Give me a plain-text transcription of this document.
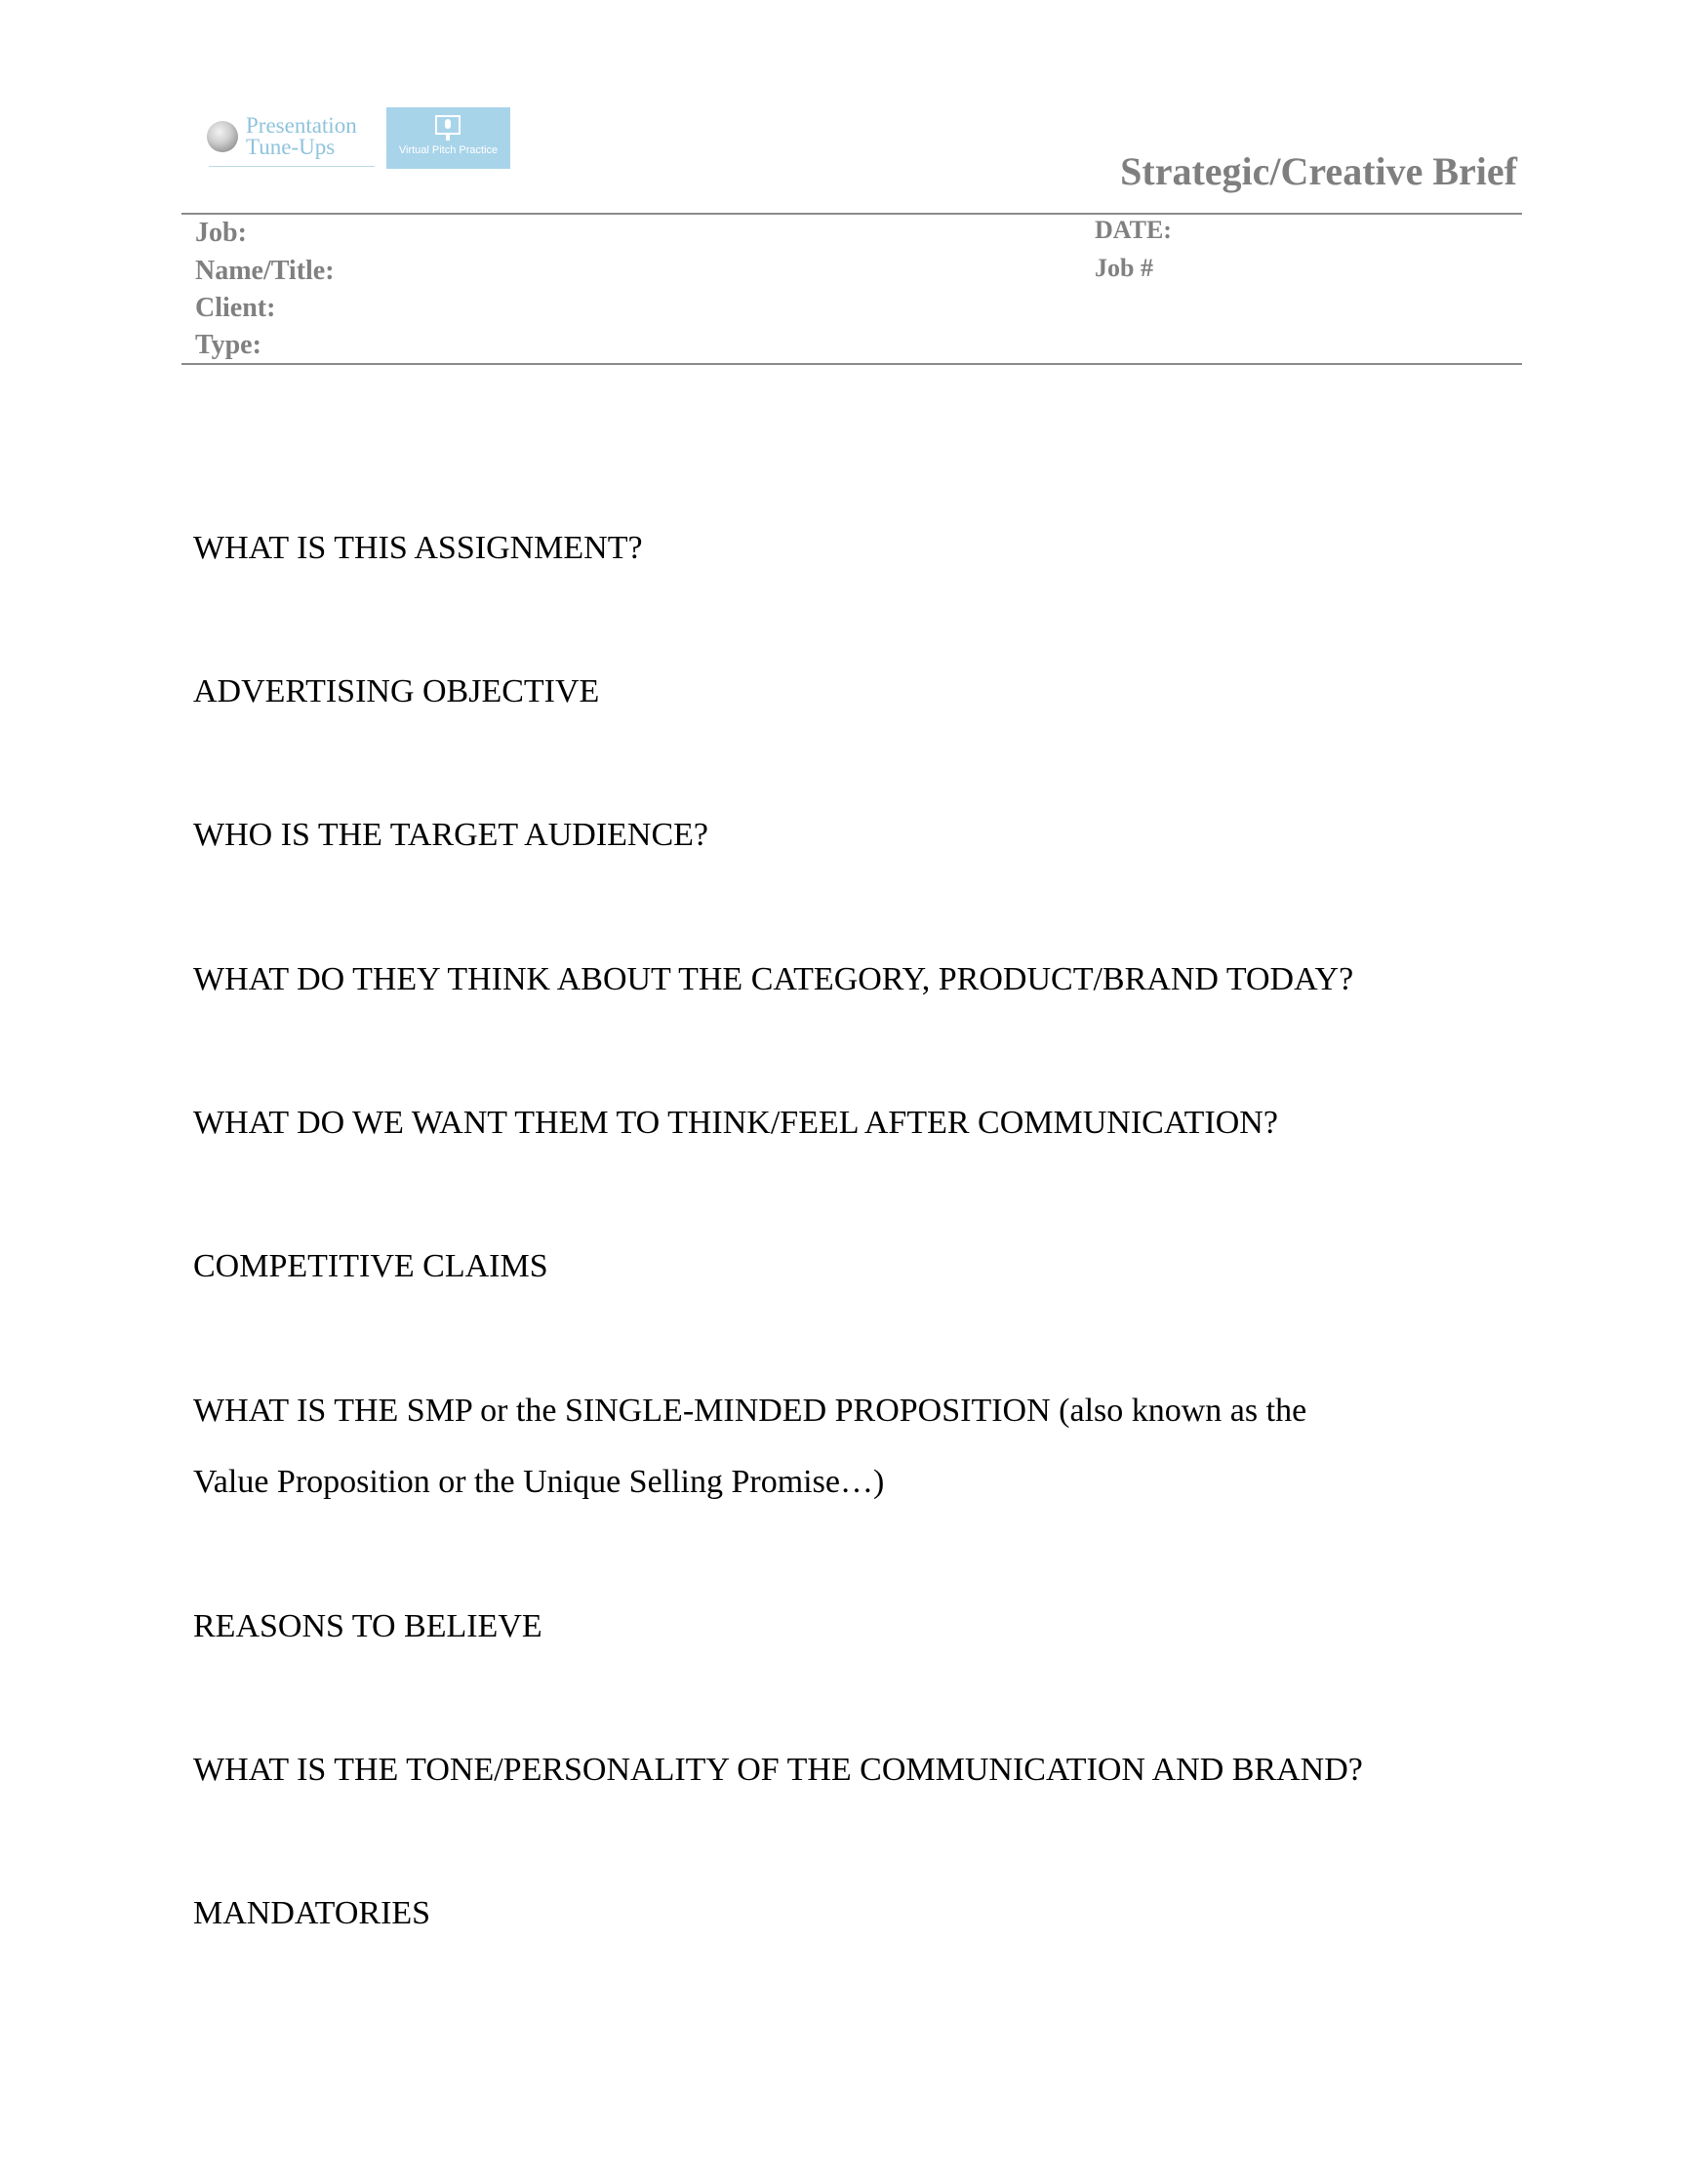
Presentation
Tune-Ups	Virtual Pitch Practice	Strategic/Creative Brief
Job:
Name/Title:
Client:
Type:
DATE:
Job #
WHAT IS THIS ASSIGNMENT?
ADVERTISING OBJECTIVE
WHO IS THE TARGET AUDIENCE?
WHAT DO THEY THINK ABOUT THE CATEGORY, PRODUCT/BRAND TODAY?
WHAT DO WE WANT THEM TO THINK/FEEL AFTER COMMUNICATION?
COMPETITIVE CLAIMS
WHAT IS THE SMP or the SINGLE-MINDED PROPOSITION (also known as the
Value Proposition or the Unique Selling Promise…)
REASONS TO BELIEVE
WHAT IS THE TONE/PERSONALITY OF THE COMMUNICATION AND BRAND?
MANDATORIES
